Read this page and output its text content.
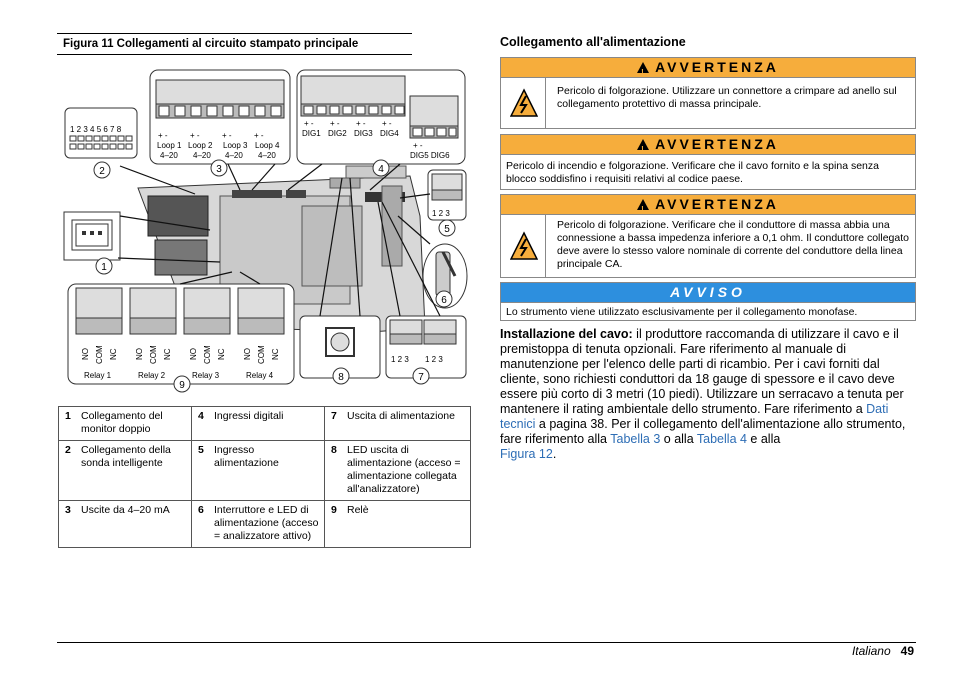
Figura 11 Collegamenti al circuito stampato principale
1 2 3 4 5 6 7 8
+ -	+ -	+ -	+ -
Loop 1 Loop 2 Loop 3 Loop 4
4–20 4–20 4–20 4–20
+ - + - + - + -
DIG1 DIG2 DIG3 DIG4
+ -
DIG5 DIG6
1 2 3
1 2 3 1 2 3
NO COM NC NO COM NC NO COM NC NO COM NC
Relay 1	Relay 2	Relay 3	Relay 4
1
2	3	4
5
6
7
8
9
1	Collegamento del monitor doppio	4	Ingressi digitali	7	Uscita di alimentazione
2	Collegamento della sonda intelligente	5	Ingresso alimentazione	8	LED uscita di alimentazione (acceso = alimentazione collegata all'analizzatore)
3	Uscite da 4–20 mA	6	Interruttore e LED di alimentazione (acceso = analizzatore attivo)	9	Relè
Collegamento all'alimentazione
!AVVERTENZA
Pericolo di folgorazione. Utilizzare un connettore a crimpare ad anello sul collegamento protettivo di massa principale.
!AVVERTENZA
Pericolo di incendio e folgorazione. Verificare che il cavo fornito e la spina senza blocco soddisfino i requisiti relativi al codice paese.
!AVVERTENZA
Pericolo di folgorazione. Verificare che il conduttore di massa abbia una connessione a bassa impedenza inferiore a 0,1 ohm. Il conduttore collegato deve avere lo stesso valore nominale di corrente del conduttore della linea principale CA.
AVVISO
Lo strumento viene utilizzato esclusivamente per il collegamento monofase.
Installazione del cavo: il produttore raccomanda di utilizzare il cavo e il premistoppa di tenuta opzionali. Fare riferimento al manuale di manutenzione per l'elenco delle parti di ricambio. Per i cavi forniti dal cliente, sono richiesti conduttori da 18 gauge di spessore e il cavo deve essere più corto di 3 metri (10 piedi). Utilizzare un serracavo a tenuta per mantenere il rating ambientale dello strumento. Fare riferimento a Dati tecnici a pagina 38. Per il collegamento dell'alimentazione allo strumento, fare riferimento alla Tabella 3 o alla Tabella 4 e alla
Figura 12.
Italiano 49
